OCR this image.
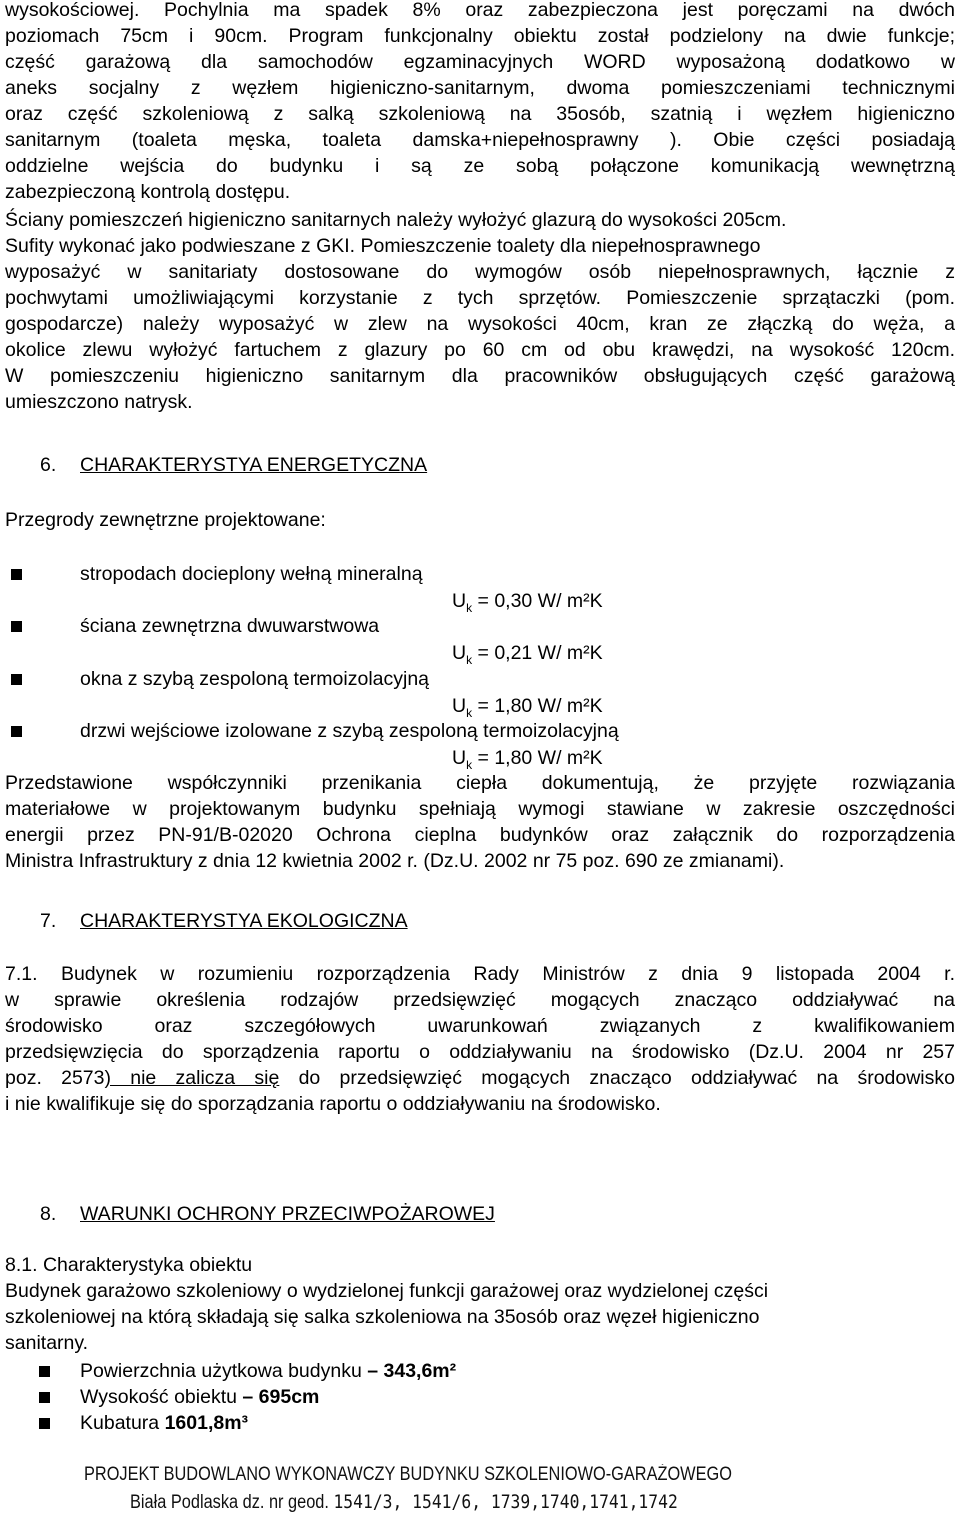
wysokościowej. Pochylnia ma spadek 8% oraz zabezpieczona jest poręczami na dwóch

poziomach 75cm i 90cm. Program funkcjonalny obiektu został podzielony na dwie funkcje;

część garażową dla samochodów egzaminacyjnych WORD wyposażoną dodatkowo w

aneks socjalny z węzłem higieniczno-sanitarnym, dwoma pomieszczeniami technicznymi

oraz część szkoleniową z salką szkoleniową na 35osób, szatnią i węzłem higieniczno

sanitarnym (toaleta męska, toaleta damska+niepełnosprawny ). Obie części posiadają

oddzielne wejścia do budynku i są ze sobą połączone komunikacją wewnętrzną

zabezpieczoną kontrolą dostępu.

Ściany pomieszczeń higieniczno sanitarnych należy wyłożyć glazurą do wysokości 205cm.

Sufity wykonać jako podwieszane z GKI. Pomieszczenie toalety dla niepełnosprawnego

wyposażyć w sanitariaty dostosowane do wymogów osób niepełnosprawnych, łącznie z

pochwytami umożliwiającymi korzystanie z tych sprzętów. Pomieszczenie sprzątaczki (pom.

gospodarcze) należy wyposażyć w zlew na wysokości 40cm, kran ze złączką do węża, a

okolice zlewu wyłożyć fartuchem z glazury po 60 cm od obu krawędzi, na wysokość 120cm.

W pomieszczeniu higieniczno sanitarnym dla pracowników obsługujących część garażową

umieszczono natrysk.

6. CHARAKTERYSTYA ENERGETYCZNA

Przegrody zewnętrzne projektowane:

stropodach docieplony wełną mineralną

$U_k = 0,30$ W/ m²K

ściana zewnętrzna dwuwarstwowa

$U_k = 0,21$ W/ m²K

okna z szybą zespoloną termoizolacyjną

$U_k = 1,80$ W/ m²K

drzwi wejściowe izolowane z szybą zespoloną termoizolacyjną

$U_k = 1,80$ W/ m²K

Przedstawione współczynniki przenikania ciepła dokumentują, że przyjęte rozwiązania

materiałowe w projektowanym budynku spełniają wymogi stawiane w zakresie oszczędności

energii przez PN-91/B-02020 Ochrona cieplna budynków oraz załącznik do rozporządzenia

Ministra Infrastruktury z dnia 12 kwietnia 2002 r. (Dz.U. 2002 nr 75 poz. 690 ze zmianami).

7. CHARAKTERYSTYA EKOLOGICZNA

7.1. Budynek w rozumieniu rozporządzenia Rady Ministrów z dnia 9 listopada 2004 r.

w sprawie określenia rodzajów przedsięwzięć mogących znacząco oddziaływać na

środowisko oraz szczegółowych uwarunkowań związanych z kwalifikowaniem

przedsięwzięcia do sporządzenia raportu o oddziaływaniu na środowisko (Dz.U. 2004 nr 257

poz. 2573) nie zalicza się do przedsięwzięć mogących znacząco oddziaływać na środowisko

i nie kwalifikuje się do sporządzania raportu o oddziaływaniu na środowisko.

8. WARUNKI OCHRONY PRZECIWPOŻAROWEJ

8.1. Charakterystyka obiektu

Budynek garażowo szkoleniowy o wydzielonej funkcji garażowej oraz wydzielonej części

szkoleniowej na którą składają się salka szkoleniowa na 35osób oraz węzeł higieniczno

sanitarny.

Powierzchnia użytkowa budynku – 343,6m²

Wysokość obiektu – 695cm

Kubatura 1601,8m³

PROJEKT BUDOWLANO WYKONAWCZY BUDYNKU SZKOLENIOWO-GARAŻOWEGO
Biała Podlaska dz. nr geod. 1541/3, 1541/6, 1739,1740,1741,1742
